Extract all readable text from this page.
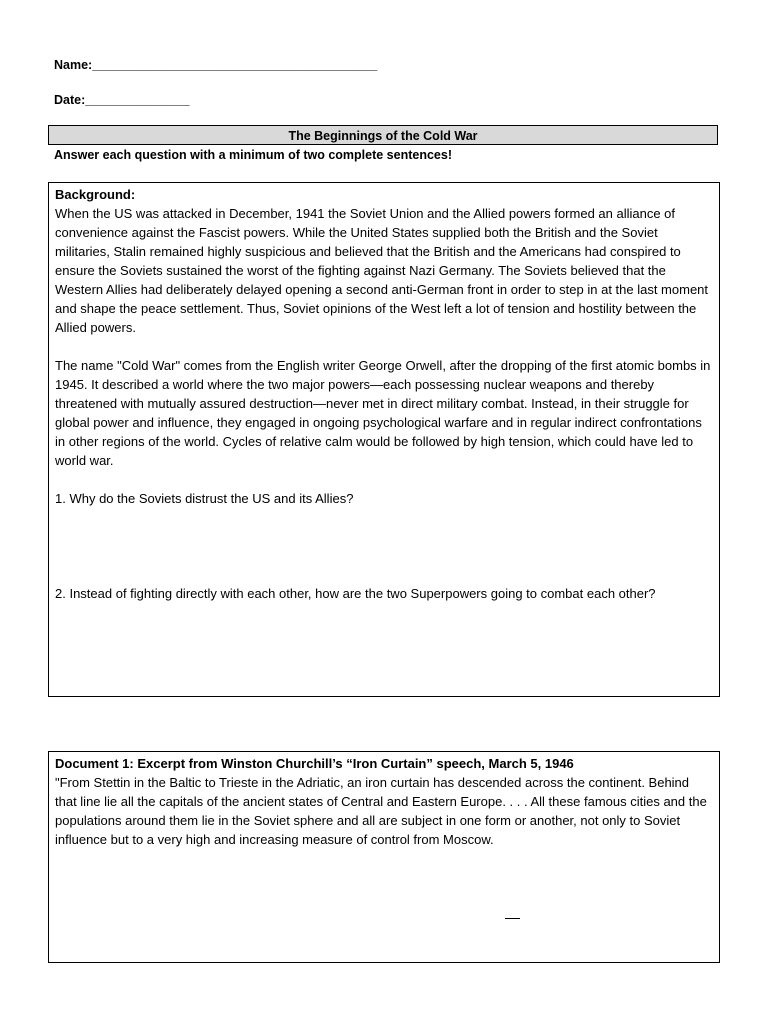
Name:_________________________________________
Date:_______________
The Beginnings of the Cold War
Answer each question with a minimum of two complete sentences!

Background:

When the US was attacked in December, 1941 the Soviet Union and the Allied powers formed an alliance of convenience against the Fascist powers. While the United States supplied both the British and the Soviet militaries, Stalin remained highly suspicious and believed that the British and the Americans had conspired to ensure the Soviets sustained the worst of the fighting against Nazi Germany. The Soviets believed that the Western Allies had deliberately delayed opening a second anti-German front in order to step in at the last moment and shape the peace settlement. Thus, Soviet opinions of the West left a lot of tension and hostility between the Allied powers.

The name "Cold War" comes from the English writer George Orwell, after the dropping of the first atomic bombs in 1945. It described a world where the two major powers—each possessing nuclear weapons and thereby threatened with mutually assured destruction—never met in direct military combat. Instead, in their struggle for global power and influence, they engaged in ongoing psychological warfare and in regular indirect confrontations in other regions of the world. Cycles of relative calm would be followed by high tension, which could have led to world war.

1. Why do the Soviets distrust the US and its Allies?

2. Instead of fighting directly with each other, how are the two Superpowers going to combat each other?

Document 1: Excerpt from Winston Churchill’s “Iron Curtain” speech, March 5, 1946

"From Stettin in the Baltic to Trieste in the Adriatic, an iron curtain has descended across the continent. Behind that line lie all the capitals of the ancient states of Central and Eastern Europe. . . . All these famous cities and the populations around them lie in the Soviet sphere and all are subject in one form or another, not only to Soviet influence but to a very high and increasing measure of control from Moscow.
